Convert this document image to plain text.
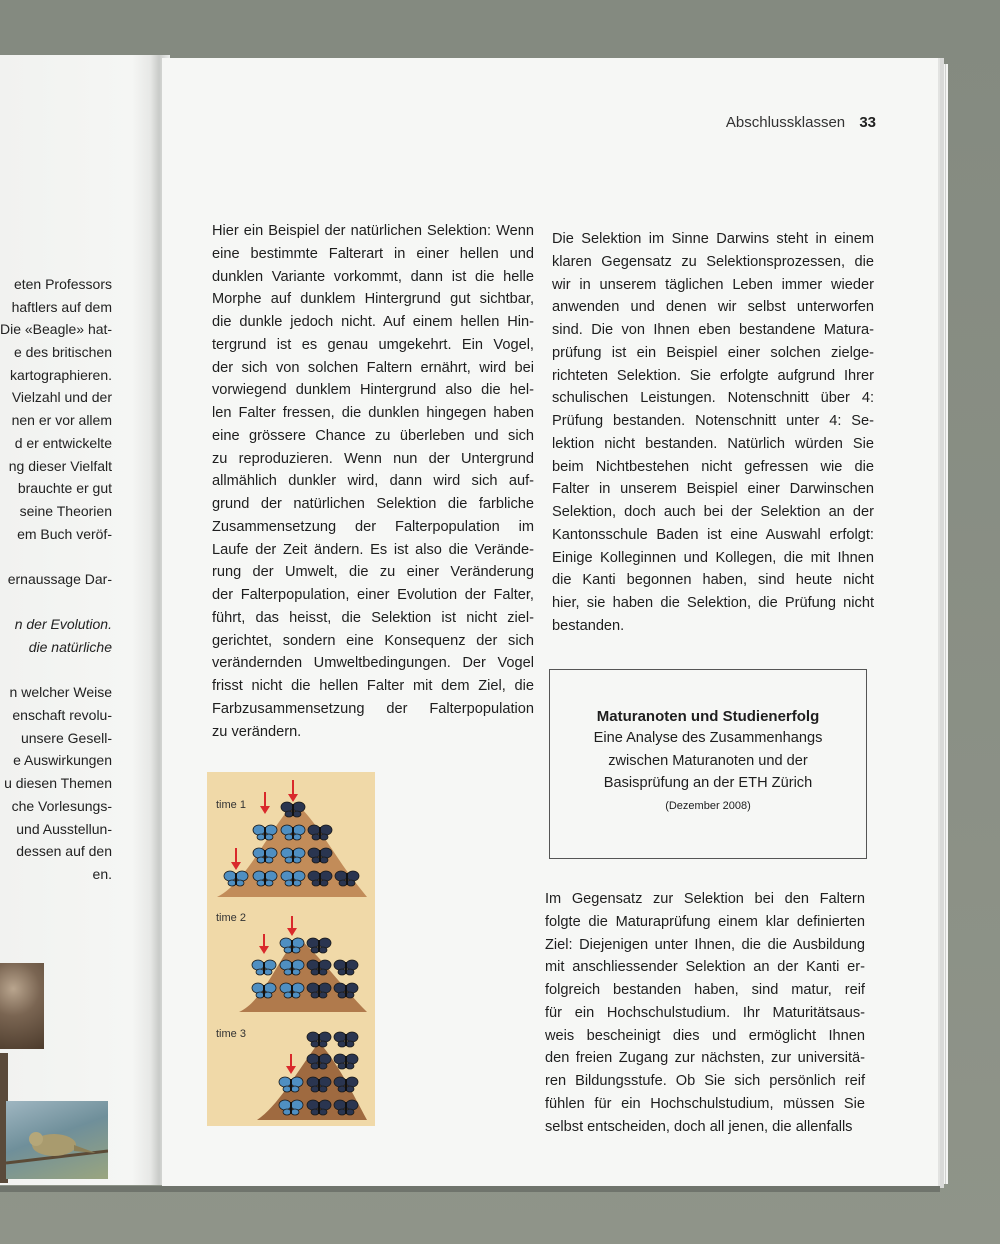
eten Professors
haftlers auf dem
Die «Beagle» hat-
e des britischen
kartographieren.
Vielzahl und der
nen er vor allem
d er entwickelte
ng dieser Vielfalt
brauchte er gut
seine Theorien
em Buch veröf-
ernaussage Dar-
n der Evolution.
die natürliche
n welcher Weise
enschaft revolu-
unsere Gesell-
e Auswirkungen
u diesen Themen
che Vorlesungs-
und Ausstellun-
dessen auf den
en.
Abschlussklassen 33
Hier ein Beispiel der natürlichen Selektion: Wenn
eine bestimmte Falterart in einer hellen und
dunklen Variante vorkommt, dann ist die helle
Morphe auf dunklem Hintergrund gut sichtbar,
die dunkle jedoch nicht. Auf einem hellen Hin-
tergrund ist es genau umgekehrt. Ein Vogel,
der sich von solchen Faltern ernährt, wird bei
vorwiegend dunklem Hintergrund also die hel-
len Falter fressen, die dunklen hingegen haben
eine grössere Chance zu überleben und sich
zu reproduzieren. Wenn nun der Untergrund
allmählich dunkler wird, dann wird sich auf-
grund der natürlichen Selektion die farbliche
Zusammensetzung der Falterpopulation im
Laufe der Zeit ändern. Es ist also die Verände-
rung der Umwelt, die zu einer Veränderung
der Falterpopulation, einer Evolution der Falter,
führt, das heisst, die Selektion ist nicht ziel-
gerichtet, sondern eine Konsequenz der sich
verändernden Umweltbedingungen. Der Vogel
frisst nicht die hellen Falter mit dem Ziel, die
Farbzusammensetzung der Falterpopulation
zu verändern.
Die Selektion im Sinne Darwins steht in einem
klaren Gegensatz zu Selektionsprozessen, die
wir in unserem täglichen Leben immer wieder
anwenden und denen wir selbst unterworfen
sind. Die von Ihnen eben bestandene Matura-
prüfung ist ein Beispiel einer solchen zielge-
richteten Selektion. Sie erfolgte aufgrund Ihrer
schulischen Leistungen. Notenschnitt über 4:
Prüfung bestanden. Notenschnitt unter 4: Se-
lektion nicht bestanden. Natürlich würden Sie
beim Nichtbestehen nicht gefressen wie die
Falter in unserem Beispiel einer Darwinschen
Selektion, doch auch bei der Selektion an der
Kantonsschule Baden ist eine Auswahl erfolgt:
Einige Kolleginnen und Kollegen, die mit Ihnen
die Kanti begonnen haben, sind heute nicht
hier, sie haben die Selektion, die Prüfung nicht
bestanden.
Maturanoten und Studienerfolg
Eine Analyse des Zusammenhangs
zwischen Maturanoten und der
Basisprüfung an der ETH Zürich
(Dezember 2008)
Im Gegensatz zur Selektion bei den Faltern
folgte die Maturaprüfung einem klar definierten
Ziel: Diejenigen unter Ihnen, die die Ausbildung
mit anschliessender Selektion an der Kanti er-
folgreich bestanden haben, sind matur, reif
für ein Hochschulstudium. Ihr Maturitätsaus-
weis bescheinigt dies und ermöglicht Ihnen
den freien Zugang zur nächsten, zur universitä-
ren Bildungsstufe. Ob Sie sich persönlich reif
fühlen für ein Hochschulstudium, müssen Sie
selbst entscheiden, doch all jenen, die allenfalls
time 1
time 2
time 3
